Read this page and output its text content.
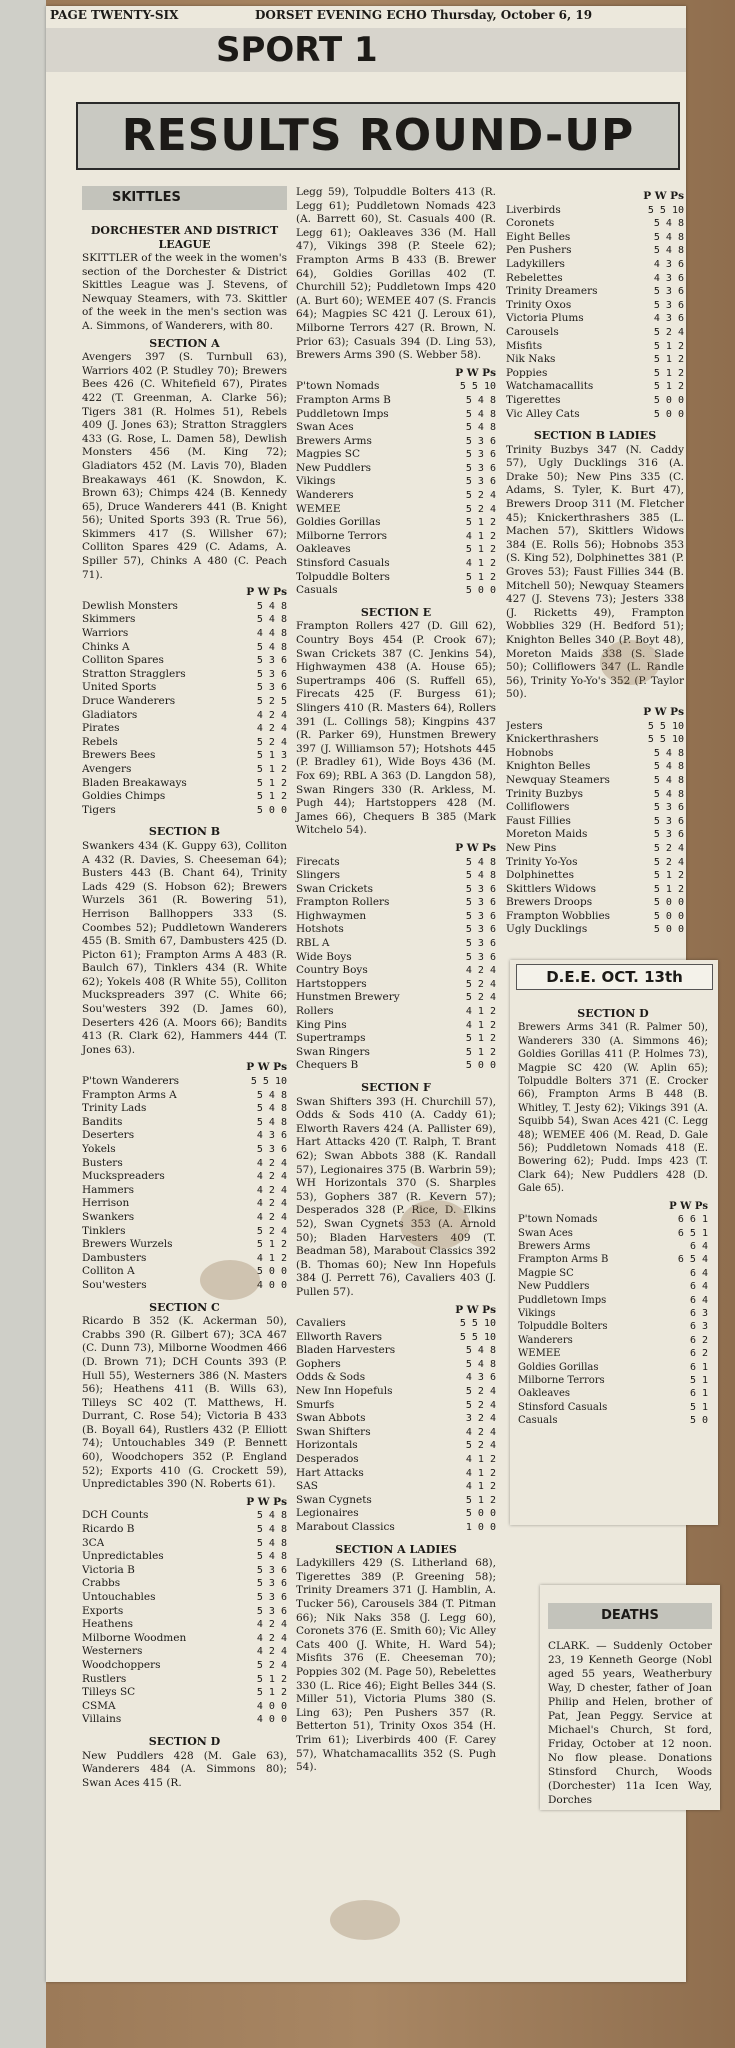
PAGE TWENTY-SIX	DORSET EVENING ECHO Thursday, October 6, 19
SPORT 1
RESULTS ROUND-UP
SKITTLES
DORCHESTER AND DISTRICT LEAGUE
SKITTLER of the week in the women's section of the Dorchester & District Skittles League was J. Stevens, of Newquay Steamers, with 73. Skittler of the week in the men's section was A. Simmons, of Wanderers, with 80.
SECTION A
Avengers 397 (S. Turnbull 63), Warriors 402 (P. Studley 70); Brewers Bees 426 (C. Whitefield 67), Pirates 422 (T. Greenman, A. Clarke 56); Tigers 381 (R. Holmes 51), Rebels 409 (J. Jones 63); Stratton Stragglers 433 (G. Rose, L. Damen 58), Dewlish Monsters 456 (M. King 72); Gladiators 452 (M. Lavis 70), Bladen Breakaways 461 (K. Snowdon, K. Brown 63); Chimps 424 (B. Kennedy 65), Druce Wanderers 441 (B. Knight 56); United Sports 393 (R. True 56), Skimmers 417 (S. Willsher 67); Colliton Spares 429 (C. Adams, A. Spiller 57), Chinks A 480 (C. Peach 71).
P W Ps
Dewlish Monsters	5 4 8
Skimmers	5 4 8
Warriors	4 4 8
Chinks A	5 4 8
Colliton Spares	5 3 6
Stratton Stragglers	5 3 6
United Sports	5 3 6
Druce Wanderers	5 2 5
Gladiators	4 2 4
Pirates	4 2 4
Rebels	5 2 4
Brewers Bees	5 1 3
Avengers	5 1 2
Bladen Breakaways	5 1 2
Goldies Chimps	5 1 2
Tigers	5 0 0
SECTION B
Swankers 434 (K. Guppy 63), Colliton A 432 (R. Davies, S. Cheeseman 64); Busters 443 (B. Chant 64), Trinity Lads 429 (S. Hobson 62); Brewers Wurzels 361 (R. Bowering 51), Herrison Ballhoppers 333 (S. Coombes 52); Puddletown Wanderers 455 (B. Smith 67, Dambusters 425 (D. Picton 61); Frampton Arms A 483 (R. Baulch 67), Tinklers 434 (R. White 62); Yokels 408 (R White 55), Colliton Muckspreaders 397 (C. White 66; Sou'westers 392 (D. James 60), Deserters 426 (A. Moors 66); Bandits 413 (R. Clark 62), Hammers 444 (T. Jones 63).
P W Ps
P'town Wanderers	5 5 10
Frampton Arms A	5 4 8
Trinity Lads	5 4 8
Bandits	5 4 8
Deserters	4 3 6
Yokels	5 3 6
Busters	4 2 4
Muckspreaders	4 2 4
Hammers	4 2 4
Herrison	4 2 4
Swankers	4 2 4
Tinklers	5 2 4
Brewers Wurzels	5 1 2
Dambusters	4 1 2
Colliton A	5 0 0
Sou'westers	4 0 0
SECTION C
Ricardo B 352 (K. Ackerman 50), Crabbs 390 (R. Gilbert 67); 3CA 467 (C. Dunn 73), Milborne Woodmen 466 (D. Brown 71); DCH Counts 393 (P. Hull 55), Westerners 386 (N. Masters 56); Heathens 411 (B. Wills 63), Tilleys SC 402 (T. Matthews, H. Durrant, C. Rose 54); Victoria B 433 (B. Boyall 64), Rustlers 432 (P. Elliott 74); Untouchables 349 (P. Bennett 60), Woodchopers 352 (P. England 52); Exports 410 (G. Crockett 59), Unpredictables 390 (N. Roberts 61).
P W Ps
DCH Counts	5 4 8
Ricardo B	5 4 8
3CA	5 4 8
Unpredictables	5 4 8
Victoria B	5 3 6
Crabbs	5 3 6
Untouchables	5 3 6
Exports	5 3 6
Heathens	4 2 4
Milborne Woodmen	4 2 4
Westerners	4 2 4
Woodchoppers	5 2 4
Rustlers	5 1 2
Tilleys SC	5 1 2
CSMA	4 0 0
Villains	4 0 0
SECTION D
New Puddlers 428 (M. Gale 63), Wanderers 484 (A. Simmons 80); Swan Aces 415 (R.
Legg 59), Tolpuddle Bolters 413 (R. Legg 61); Puddletown Nomads 423 (A. Barrett 60), St. Casuals 400 (R. Legg 61); Oakleaves 336 (M. Hall 47), Vikings 398 (P. Steele 62); Frampton Arms B 433 (B. Brewer 64), Goldies Gorillas 402 (T. Churchill 52); Puddletown Imps 420 (A. Burt 60); WEMEE 407 (S. Francis 64); Magpies SC 421 (J. Leroux 61), Milborne Terrors 427 (R. Brown, N. Prior 63); Casuals 394 (D. Ling 53), Brewers Arms 390 (S. Webber 58).
P W Ps
P'town Nomads	5 5 10
Frampton Arms B	5 4 8
Puddletown Imps	5 4 8
Swan Aces	5 4 8
Brewers Arms	5 3 6
Magpies SC	5 3 6
New Puddlers	5 3 6
Vikings	5 3 6
Wanderers	5 2 4
WEMEE	5 2 4
Goldies Gorillas	5 1 2
Milborne Terrors	4 1 2
Oakleaves	5 1 2
Stinsford Casuals	4 1 2
Tolpuddle Bolters	5 1 2
Casuals	5 0 0
SECTION E
Frampton Rollers 427 (D. Gill 62), Country Boys 454 (P. Crook 67); Swan Crickets 387 (C. Jenkins 54), Highwaymen 438 (A. House 65); Supertramps 406 (S. Ruffell 65), Firecats 425 (F. Burgess 61); Slingers 410 (R. Masters 64), Rollers 391 (L. Collings 58); Kingpins 437 (R. Parker 69), Hunstmen Brewery 397 (J. Williamson 57); Hotshots 445 (P. Bradley 61), Wide Boys 436 (M. Fox 69); RBL A 363 (D. Langdon 58), Swan Ringers 330 (R. Arkless, M. Pugh 44); Hartstoppers 428 (M. James 66), Chequers B 385 (Mark Witchelo 54).
P W Ps
Firecats	5 4 8
Slingers	5 4 8
Swan Crickets	5 3 6
Frampton Rollers	5 3 6
Highwaymen	5 3 6
Hotshots	5 3 6
RBL A	5 3 6
Wide Boys	5 3 6
Country Boys	4 2 4
Hartstoppers	5 2 4
Hunstmen Brewery	5 2 4
Rollers	4 1 2
King Pins	4 1 2
Supertramps	5 1 2
Swan Ringers	5 1 2
Chequers B	5 0 0
SECTION F
Swan Shifters 393 (H. Churchill 57), Odds & Sods 410 (A. Caddy 61); Elworth Ravers 424 (A. Pallister 69), Hart Attacks 420 (T. Ralph, T. Brant 62); Swan Abbots 388 (K. Randall 57), Legionaires 375 (B. Warbrin 59); WH Horizontals 370 (S. Sharples 53), Gophers 387 (R. Kevern 57); Desperados 328 (P. Rice, D. Elkins 52), Swan Cygnets 353 (A. Arnold 50); Bladen Harvesters 409 (T. Beadman 58), Marabout Classics 392 (B. Thomas 60); New Inn Hopefuls 384 (J. Perrett 76), Cavaliers 403 (J. Pullen 57).
P W Ps
Cavaliers	5 5 10
Ellworth Ravers	5 5 10
Bladen Harvesters	5 4 8
Gophers	5 4 8
Odds & Sods	4 3 6
New Inn Hopefuls	5 2 4
Smurfs	5 2 4
Swan Abbots	3 2 4
Swan Shifters	4 2 4
Horizontals	5 2 4
Desperados	4 1 2
Hart Attacks	4 1 2
SAS	4 1 2
Swan Cygnets	5 1 2
Legionaires	5 0 0
Marabout Classics	1 0 0
SECTION A LADIES
Ladykillers 429 (S. Litherland 68), Tigerettes 389 (P. Greening 58); Trinity Dreamers 371 (J. Hamblin, A. Tucker 56), Carousels 384 (T. Pitman 66); Nik Naks 358 (J. Legg 60), Coronets 376 (E. Smith 60); Vic Alley Cats 400 (J. White, H. Ward 54); Misfits 376 (E. Cheeseman 70); Poppies 302 (M. Page 50), Rebelettes 330 (L. Rice 46); Eight Belles 344 (S. Miller 51), Victoria Plums 380 (S. Ling 63); Pen Pushers 357 (R. Betterton 51), Trinity Oxos 354 (H. Trim 61); Liverbirds 400 (F. Carey 57), Whatchamacallits 352 (S. Pugh 54).
P W Ps
Liverbirds	5 5 10
Coronets	5 4 8
Eight Belles	5 4 8
Pen Pushers	5 4 8
Ladykillers	4 3 6
Rebelettes	4 3 6
Trinity Dreamers	5 3 6
Trinity Oxos	5 3 6
Victoria Plums	4 3 6
Carousels	5 2 4
Misfits	5 1 2
Nik Naks	5 1 2
Poppies	5 1 2
Watchamacallits	5 1 2
Tigerettes	5 0 0
Vic Alley Cats	5 0 0
SECTION B LADIES
Trinity Buzbys 347 (N. Caddy 57), Ugly Ducklings 316 (A. Drake 50); New Pins 335 (C. Adams, S. Tyler, K. Burt 47), Brewers Droop 311 (M. Fletcher 45); Knickerthrashers 385 (L. Machen 57), Skittlers Widows 384 (E. Rolls 56); Hobnobs 353 (S. King 52), Dolphinettes 381 (P. Groves 53); Faust Fillies 344 (B. Mitchell 50); Newquay Steamers 427 (J. Stevens 73); Jesters 338 (J. Ricketts 49), Frampton Wobblies 329 (H. Bedford 51); Knighton Belles 340 (P. Boyt 48), Moreton Maids 338 (S. Slade 50); Colliflowers 347 (L. Randle 56), Trinity Yo-Yo's 352 (P. Taylor 50).
P W Ps
Jesters	5 5 10
Knickerthrashers	5 5 10
Hobnobs	5 4 8
Knighton Belles	5 4 8
Newquay Steamers	5 4 8
Trinity Buzbys	5 4 8
Colliflowers	5 3 6
Faust Fillies	5 3 6
Moreton Maids	5 3 6
New Pins	5 2 4
Trinity Yo-Yos	5 2 4
Dolphinettes	5 1 2
Skittlers Widows	5 1 2
Brewers Droops	5 0 0
Frampton Wobblies	5 0 0
Ugly Ducklings	5 0 0
D.E.E. OCT. 13th
SECTION D
Brewers Arms 341 (R. Palmer 50), Wanderers 330 (A. Simmons 46); Goldies Gorillas 411 (P. Holmes 73), Magpie SC 420 (W. Aplin 65); Tolpuddle Bolters 371 (E. Crocker 66), Frampton Arms B 448 (B. Whitley, T. Jesty 62); Vikings 391 (A. Squibb 54), Swan Aces 421 (C. Legg 48); WEMEE 406 (M. Read, D. Gale 56); Puddletown Nomads 418 (E. Bowering 62); Pudd. Imps 423 (T. Clark 64); New Puddlers 428 (D. Gale 65).
P W Ps
P'town Nomads	6 6 1
Swan Aces	6 5 1
Brewers Arms	6 4
Frampton Arms B	6 5 4
Magpie SC	6 4
New Puddlers	6 4
Puddletown Imps	6 4
Vikings	6 3
Tolpuddle Bolters	6 3
Wanderers	6 2
WEMEE	6 2
Goldies Gorillas	6 1
Milborne Terrors	5 1
Oakleaves	6 1
Stinsford Casuals	5 1
Casuals	5 0
DEATHS
CLARK. — Suddenly October 23, 19 Kenneth George (Nobl aged 55 years, Weatherbury Way, D chester, father of Joan Philip and Helen, brother of Pat, Jean Peggy. Service at Michael's Church, St ford, Friday, October at 12 noon. No flow please. Donations Stinsford Church, Woods (Dorchester) 11a Icen Way, Dorches
